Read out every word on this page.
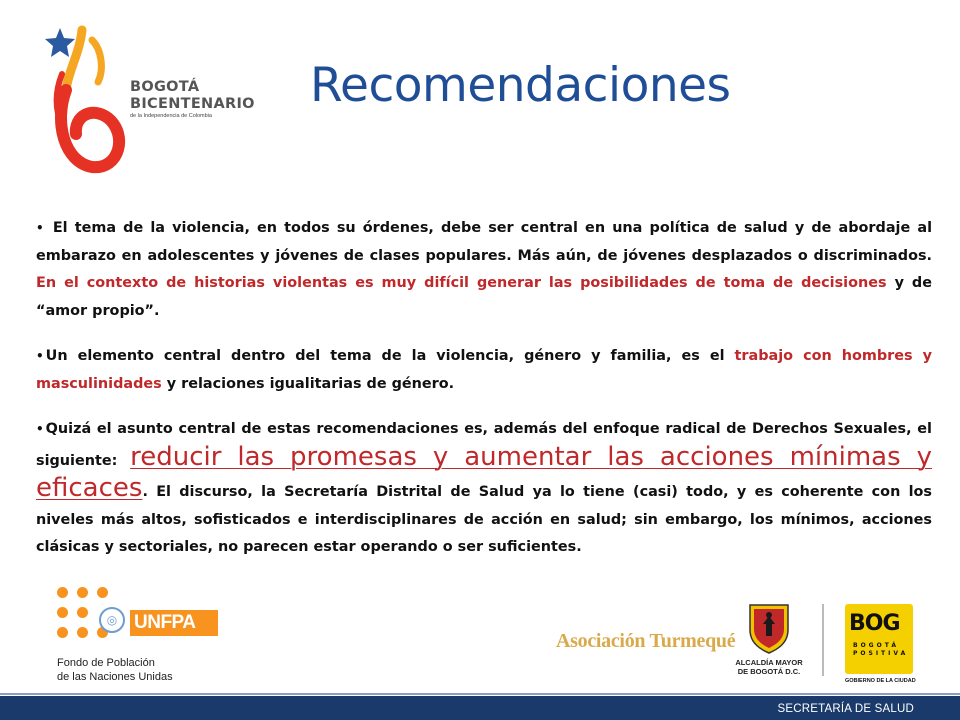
BOGOTÁ
BICENTENARIO
de la Independencia de Colombia
Recomendaciones

• El tema de la violencia, en todos su órdenes, debe ser central en una política de salud y de abordaje al embarazo en adolescentes y jóvenes de clases populares. Más aún, de jóvenes desplazados o discriminados. En el contexto de historias violentas es muy difícil generar las posibilidades de toma de decisiones y de “amor propio”.

• Un elemento central dentro del tema de la violencia, género y familia, es el trabajo con hombres y masculinidades y relaciones igualitarias de género.

• Quizá el asunto central de estas recomendaciones es, además del enfoque radical de Derechos Sexuales, el siguiente: reducir las promesas y aumentar las acciones mínimas y eficaces. El discurso, la Secretaría Distrital de Salud ya lo tiene (casi) todo, y es coherente con los niveles más altos, sofisticados e interdisciplinares de acción en salud; sin embargo, los mínimos, acciones clásicas y sectoriales, no parecen estar operando o ser suficientes.

◎ UNFPA
Fondo de Población
de las Naciones Unidas
Asociación Turmequé
ALCALDÍA MAYOR
DE BOGOTÁ D.C.
BOG
BOGOTÁ
POSITIVA
GOBIERNO DE LA CIUDAD
SECRETARÍA DE SALUD
